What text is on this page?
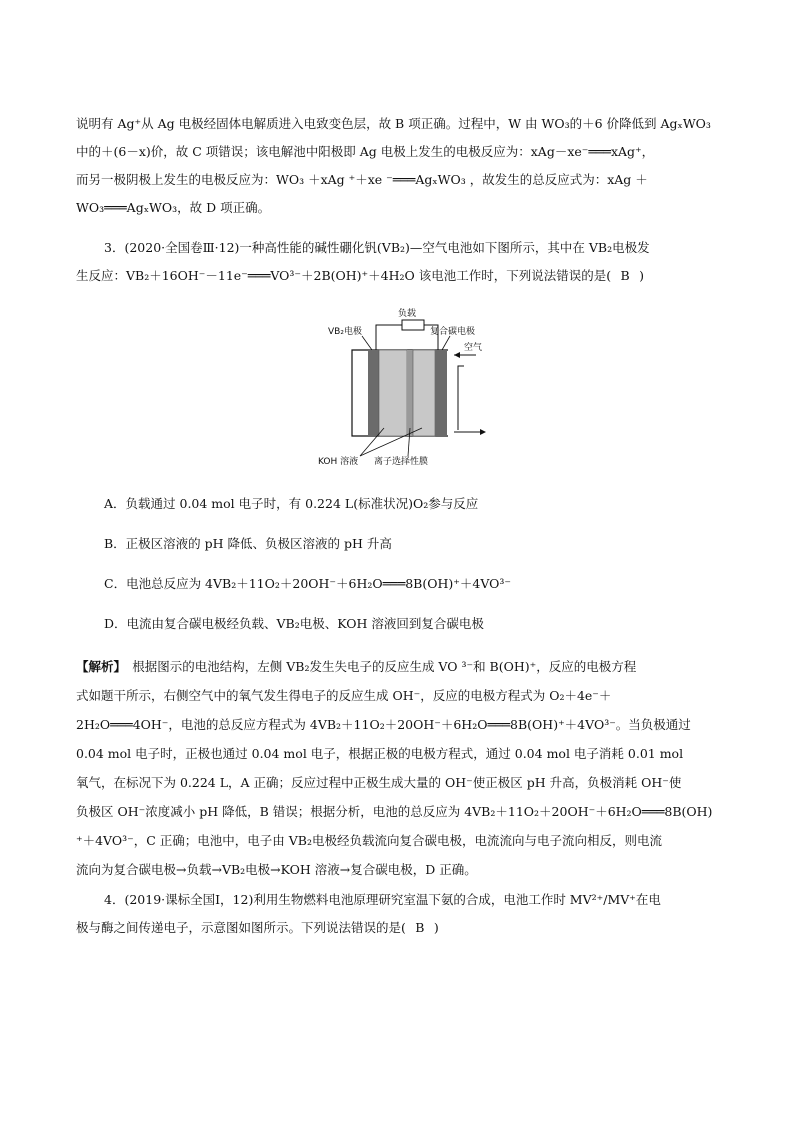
说明有 Ag⁺从 Ag 电极经固体电解质进入电致变色层，故 B 项正确。过程中，W 由 WO₃的＋6 价降低到 AgₓWO₃
中的＋(6－x)价，故 C 项错误；该电解池中阳极即 Ag 电极上发生的电极反应为：xAg－xe⁻═══xAg⁺，
而另一极阴极上发生的电极反应为：WO₃ ＋xAg ⁺＋xe ⁻═══AgₓWO₃ ，故发生的总反应式为：xAg ＋
WO₃═══AgₓWO₃，故 D 项正确。

3．(2020·全国卷Ⅲ·12)一种高性能的碱性硼化钒(VB₂)—空气电池如下图所示，其中在 VB₂电极发
生反应：VB₂＋16OH⁻－11e⁻═══VO³⁻＋2B(OH)⁺＋4H₂O 该电池工作时，下列说法错误的是( B )

负载
VB₂电极	复合碳电极
空气
KOH 溶液 离子选择性膜
A．负载通过 0.04 mol 电子时，有 0.224 L(标准状况)O₂参与反应
B．正极区溶液的 pH 降低、负极区溶液的 pH 升高
C．电池总反应为 4VB₂＋11O₂＋20OH⁻＋6H₂O═══8B(OH)⁺＋4VO³⁻
D．电流由复合碳电极经负载、VB₂电极、KOH 溶液回到复合碳电极

【解析】　根据图示的电池结构，左侧 VB₂发生失电子的反应生成 VO ³⁻和 B(OH)⁺，反应的电极方程
式如题干所示，右侧空气中的氧气发生得电子的反应生成 OH⁻，反应的电极方程式为 O₂＋4e⁻＋
2H₂O═══4OH⁻，电池的总反应方程式为 4VB₂＋11O₂＋20OH⁻＋6H₂O═══8B(OH)⁺＋4VO³⁻。当负极通过
0.04 mol 电子时，正极也通过 0.04 mol 电子，根据正极的电极方程式，通过 0.04 mol 电子消耗 0.01 mol
氧气，在标况下为 0.224 L，A 正确；反应过程中正极生成大量的 OH⁻使正极区 pH 升高，负极消耗 OH⁻使
负极区 OH⁻浓度减小 pH 降低，B 错误；根据分析，电池的总反应为 4VB₂＋11O₂＋20OH⁻＋6H₂O═══8B(OH)
⁺＋4VO³⁻，C 正确；电池中，电子由 VB₂电极经负载流向复合碳电极，电流流向与电子流向相反，则电流
流向为复合碳电极→负载→VB₂电极→KOH 溶液→复合碳电极，D 正确。

4．(2019·课标全国Ⅰ，12)利用生物燃料电池原理研究室温下氨的合成，电池工作时 MV²⁺/MV⁺在电
极与酶之间传递电子，示意图如图所示。下列说法错误的是( B )
